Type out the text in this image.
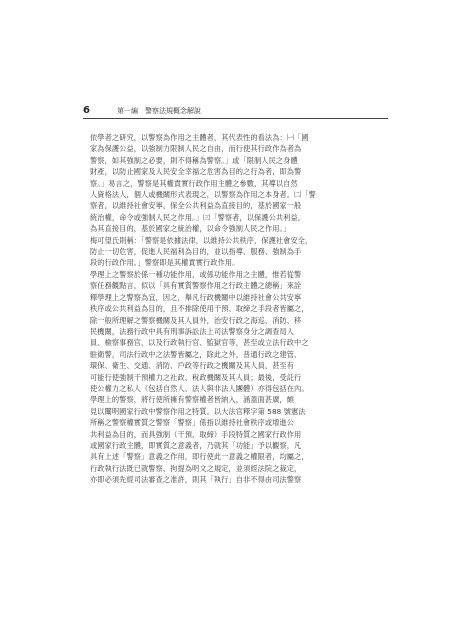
6	第一編　警察法規概念解說
依學者之研究，以警察為作用之主體者，其代表性的看法為：㈠「國
家為保護公益，以強制力限制人民之自由，而行使其行政作為者為
警察，如其強制之必要，則不得稱為警察。」或「限制人民之身體
財產，以防止國家及人民安全幸福之危害為目的之行為者，即為警
察。」易言之，警察是其權責實行政作用主體之參數，其導以自然
人資格法人，個人或機關形式表現之，以警察為作用之本身者。㈡「警
察者，以維持社會安寧，保全公共利益為直接目的，基於國家一般
統治權，命令或強制人民之作用。」㈢「警察者，以保護公共利益，
為其直接目的，基於國家之統治權，以命令強制人民之作用。」
梅可望氏則稱：「警察是依據法律，以維持公共秩序，保護社會安全，
防止一切危害，促進人民福利為目的，並以指導、服務、強制為手
段的行政作用。」警察即是其權責實行政作用。
學理上之警察於係一種功能作用，或係功能作用之主體，惟若從警
察任務觀點言，似以「具有實質警察作用之行政主體之總稱」來詮
釋學理上之警察為宜，因之，舉凡行政機關中以維持社會公共安寧
秩序或公共利益為目的，且不排除使用干預、取締之手段者皆屬之，
除一般所理解之警察機關及其人員外，治安行政之海巡、消防、移
民機關，法務行政中具有刑事訴訟法上司法警察身分之調查局人
員、檢察事務官，以及行政執行官、監獄官等，甚至或立法行政中之
駐衛警，司法行政中之法警皆屬之，除此之外，普通行政之建管、
環保、衛生、交通、消防、戶政等行政之機關及其人員，甚至有
可能行使強制干預權力之社政、稅政機關及其人員；最後，受託行
使公權力之私人（包括自然人、法人與非法人團體）亦得包括在內。
學理上的警察，將行使所擁有警察權者皆納入，涵蓋面甚廣，頗
見以闡明國家行政中警察作用之特質。以大法官釋字第 588 號憲法
所稱之警察權實質之警察「警察」係指以維持社會秩序或增進公
共利益為目的，而具強制（干預、取締）手段特質之國家行政作用
或國家行政主體，即實質之意義者，乃就其「功能」予以觀察，凡
具有上述「警察」意義之作用，即行使此一意義之權限者，均屬之，
行政執行法既已就警察、拘提為明文之規定，並須經法院之裁定，
亦即必須先經司法審查之准許，則其「執行」自非不得由司法警察
